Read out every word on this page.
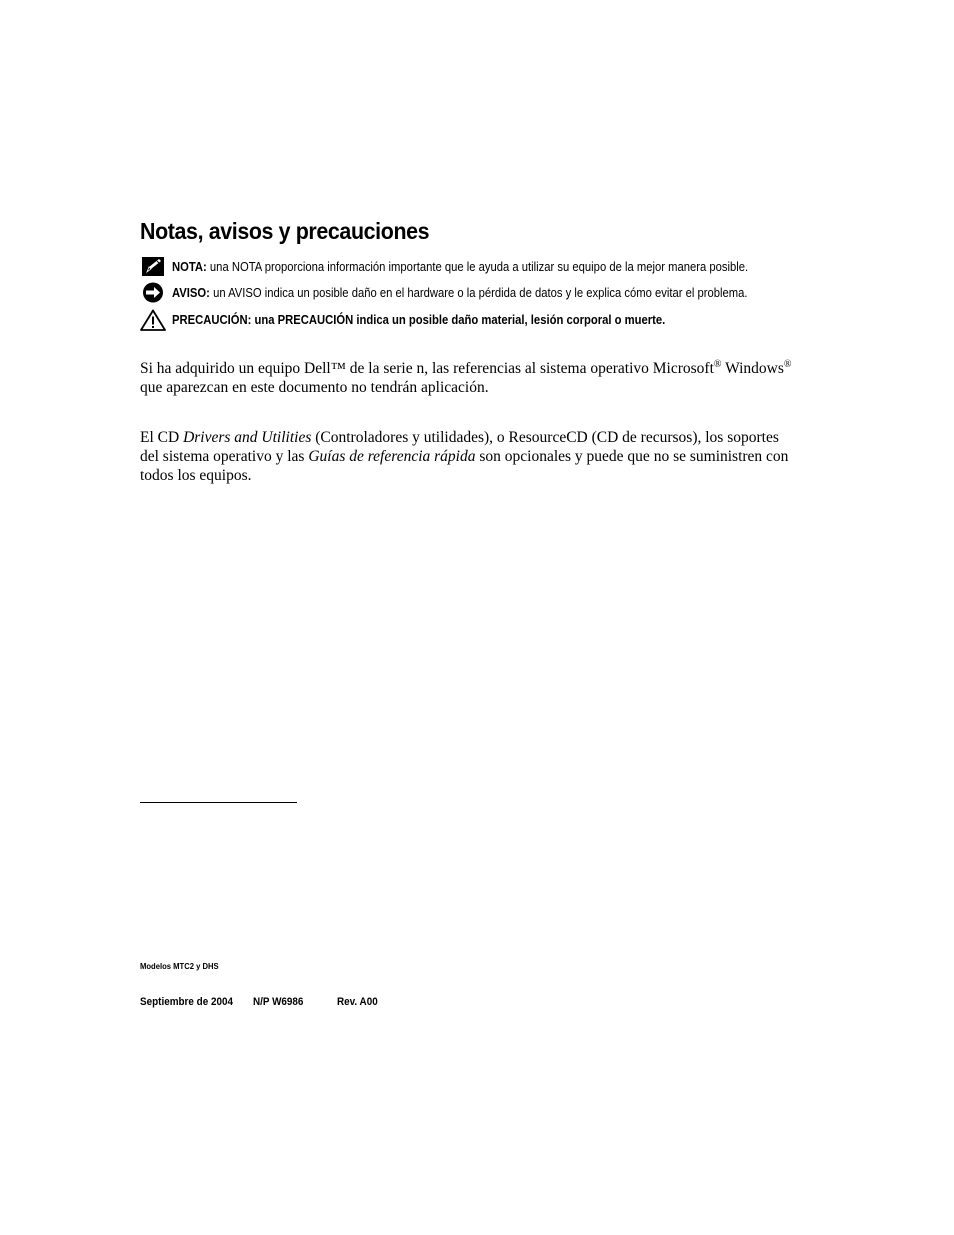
Notas, avisos y precauciones
NOTA: una NOTA proporciona información importante que le ayuda a utilizar su equipo de la mejor manera posible.
AVISO: un AVISO indica un posible daño en el hardware o la pérdida de datos y le explica cómo evitar el problema.
PRECAUCIÓN: una PRECAUCIÓN indica un posible daño material, lesión corporal o muerte.

Si ha adquirido un equipo Dell™ de la serie n, las referencias al sistema operativo Microsoft® Windows® que aparezcan en este documento no tendrán aplicación.

El CD Drivers and Utilities (Controladores y utilidades), o ResourceCD (CD de recursos), los soportes del sistema operativo y las Guías de referencia rápida son opcionales y puede que no se suministren con todos los equipos.

Modelos MTC2 y DHS
Septiembre de 2004 N/P W6986	Rev. A00
